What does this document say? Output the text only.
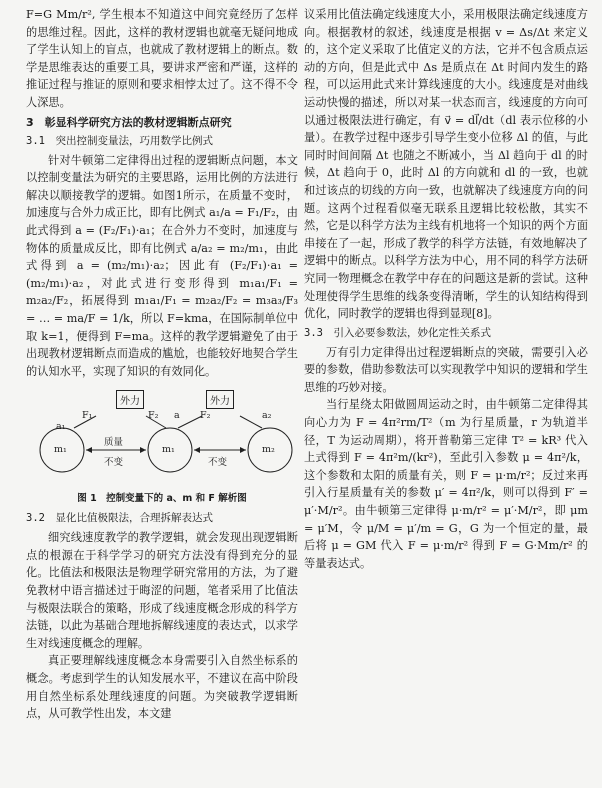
F=G Mm/r², 学生根本不知道这中间究竟经历了怎样的思维过程。因此，这样的教材逻辑也就毫无疑问地成了学生认知上的盲点，也就成了教材逻辑上的断点。数学是思维表达的重要工具，要讲求严密和严谨，这样的推证过程与推证的原则和要求相悖太过了。这不得不令人深思。

3　彰显科学研究方法的教材逻辑断点研究
3.1　突出控制变量法，巧用数学比例式

针对牛顿第二定律得出过程的逻辑断点问题，本文以控制变量法为研究的主要思路，运用比例的方法进行解决以顺接教学的逻辑。如图1所示，在质量不变时，加速度与合外力成正比，即有比例式 a₁/a = F₁/F₂，由此式得到 a = (F₂/F₁)·a₁；在合外力不变时，加速度与物体的质量成反比，即有比例式 a/a₂ = m₂/m₁，由此式得到 a = (m₂/m₁)·a₂；因此有 (F₂/F₁)·a₁ = (m₂/m₁)·a₂，对此式进行变形得到 m₁a₁/F₁ = m₂a₂/F₂，拓展得到 m₁a₁/F₁ = m₂a₂/F₂ = m₃a₃/F₃ = … = ma/F = 1/k，所以 F=kma，在国际制单位中取 k=1，便得到 F=ma。这样的教学逻辑避免了由于出现教材逻辑断点而造成的尴尬，也能较好地契合学生的认知水平，实现了知识的有效同化。

外力	外力
a₁
F₁	F₂ a F₂	a₂
m₁	m₁	m₂
质量
不变	不变
图 1　控制变量下的 a、m 和 F 解析图
3.2　显化比值极限法，合理拆解表达式

细究线速度教学的教学逻辑，就会发现出现逻辑断点的根源在于科学学习的研究方法没有得到充分的显化。比值法和极限法是物理学研究常用的方法，为了避免教材中语言描述过于晦涩的问题，笔者采用了比值法与极限法联合的策略，形成了线速度概念形成的科学方法链，以此为基础合理地拆解线速度的表达式，以求学生对线速度概念的理解。

真正要理解线速度概念本身需要引入自然坐标系的概念。考虑到学生的认知发展水平，不建议在高中阶段用自然坐标系处理线速度的问题。为突破教学逻辑断点，从可教学性出发，本文建

议采用比值法确定线速度大小，采用极限法确定线速度方向。根据教材的叙述，线速度是根据 v = Δs/Δt 来定义的，这个定义采取了比值定义的方法，它并不包含质点运动的方向，但是此式中 Δs 是质点在 Δt 时间内发生的路程，可以运用此式来计算线速度的大小。线速度是对曲线运动快慢的描述，所以对某一状态而言，线速度的方向可以通过极限法进行确定，有 v⃗ = dl⃗/dt（dl 表示位移的小量）。在教学过程中逐步引导学生变小位移 Δl 的值，与此同时时间间隔 Δt 也随之不断减小，当 Δl 趋向于 dl 的时候，Δt 趋向于 0，此时 Δl 的方向就和 dl 的一致，也就和过该点的切线的方向一致，也就解决了线速度方向的问题。这两个过程看似毫无联系且逻辑比较松散，其实不然，它是以科学方法为主线有机地将一个知识的两个方面串接在了一起，形成了教学的科学方法链，有效地解决了逻辑中的断点。以科学方法为中心，用不同的科学方法研究同一物理概念在教学中存在的问题这是新的尝试。这种处理使得学生思维的线条变得清晰，学生的认知结构得到优化，同时教学的逻辑也得到显现[8]。

3.3　引入必要参数法，妙化定性关系式

万有引力定律得出过程逻辑断点的突破，需要引入必要的参数，借助参数法可以实现教学中知识的逻辑和学生思维的巧妙对接。

当行星绕太阳做圆周运动之时，由牛顿第二定律得其向心力为 F = 4π²rm/T²（m 为行星质量，r 为轨道半径，T 为运动周期），将开普勒第三定律 T² = kR³ 代入上式得到 F = 4π²m/(kr²)，至此引入参数 μ = 4π²/k，这个参数和太阳的质量有关，则 F = μ·m/r²；反过来再引入行星质量有关的参数 μ′ = 4π²/k，则可以得到 F′ = μ′·M/r²。由牛顿第三定律得 μ·m/r² = μ′·M/r²，即 μm = μ′M，令 μ/M = μ′/m = G，G 为一个恒定的量，最后将 μ = GM 代入 F = μ·m/r² 得到 F = G·Mm/r² 的等量表达式。
